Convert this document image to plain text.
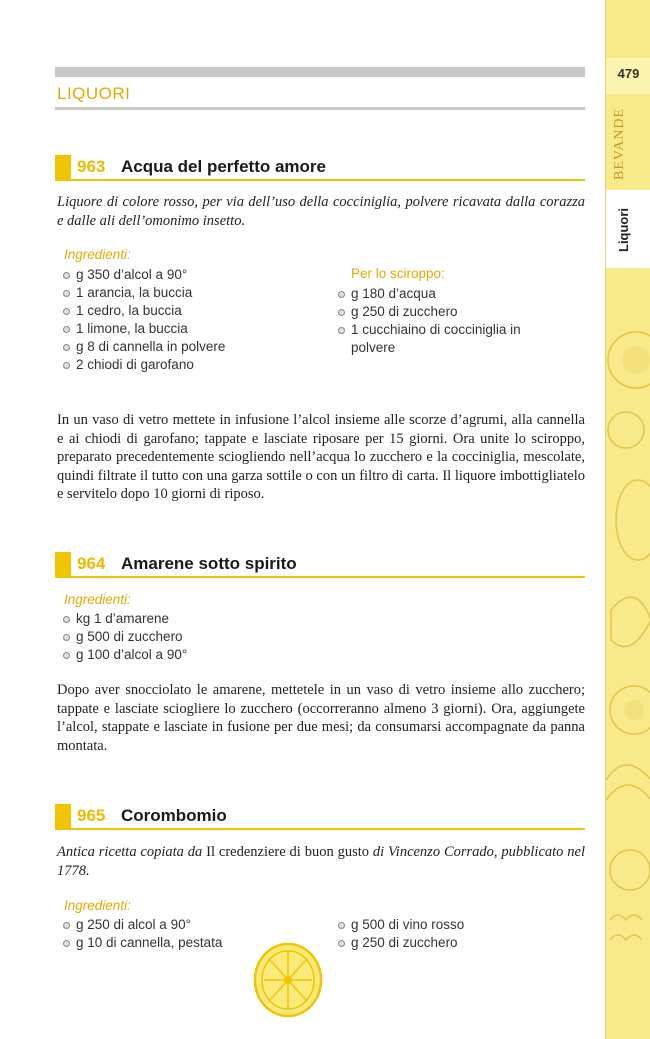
479
BEVANDE
Liquori
LIQUORI
963 Acqua del perfetto amore

Liquore di colore rosso, per via dell’uso della cocciniglia, polvere ricavata dalla corazza e dalle ali dell’omonimo insetto.

Ingredienti:
g 350 d’alcol a 90°
1 arancia, la buccia
1 cedro, la buccia
1 limone, la buccia
g 8 di cannella in polvere
2 chiodi di garofano
Per lo sciroppo:
g 180 d’acqua
g 250 di zucchero
1 cucchiaino di cocciniglia in polvere

In un vaso di vetro mettete in infusione l’alcol insieme alle scorze d’agrumi, alla cannella e ai chiodi di garofano; tappate e lasciate riposare per 15 giorni. Ora unite lo sciroppo, preparato precedentemente sciogliendo nell’acqua lo zucchero e la cocciniglia, mescolate, quindi filtrate il tutto con una garza sottile o con un filtro di carta. Il liquore imbottigliatelo e servitelo dopo 10 giorni di riposo.

964 Amarene sotto spirito
Ingredienti:
kg 1 d’amarene
g 500 di zucchero
g 100 d’alcol a 90°

Dopo aver snocciolato le amarene, mettetele in un vaso di vetro insieme allo zucchero; tappate e lasciate sciogliere lo zucchero (occorreranno almeno 3 giorni). Ora, aggiungete l’alcol, stappate e lasciate in fusione per due mesi; da consumarsi accompagnate da panna montata.

965 Corombomio

Antica ricetta copiata da Il credenziere di buon gusto di Vincenzo Corrado, pubblicato nel 1778.

Ingredienti:
g 250 di alcol a 90°
g 10 di cannella, pestata
g 500 di vino rosso
g 250 di zucchero
